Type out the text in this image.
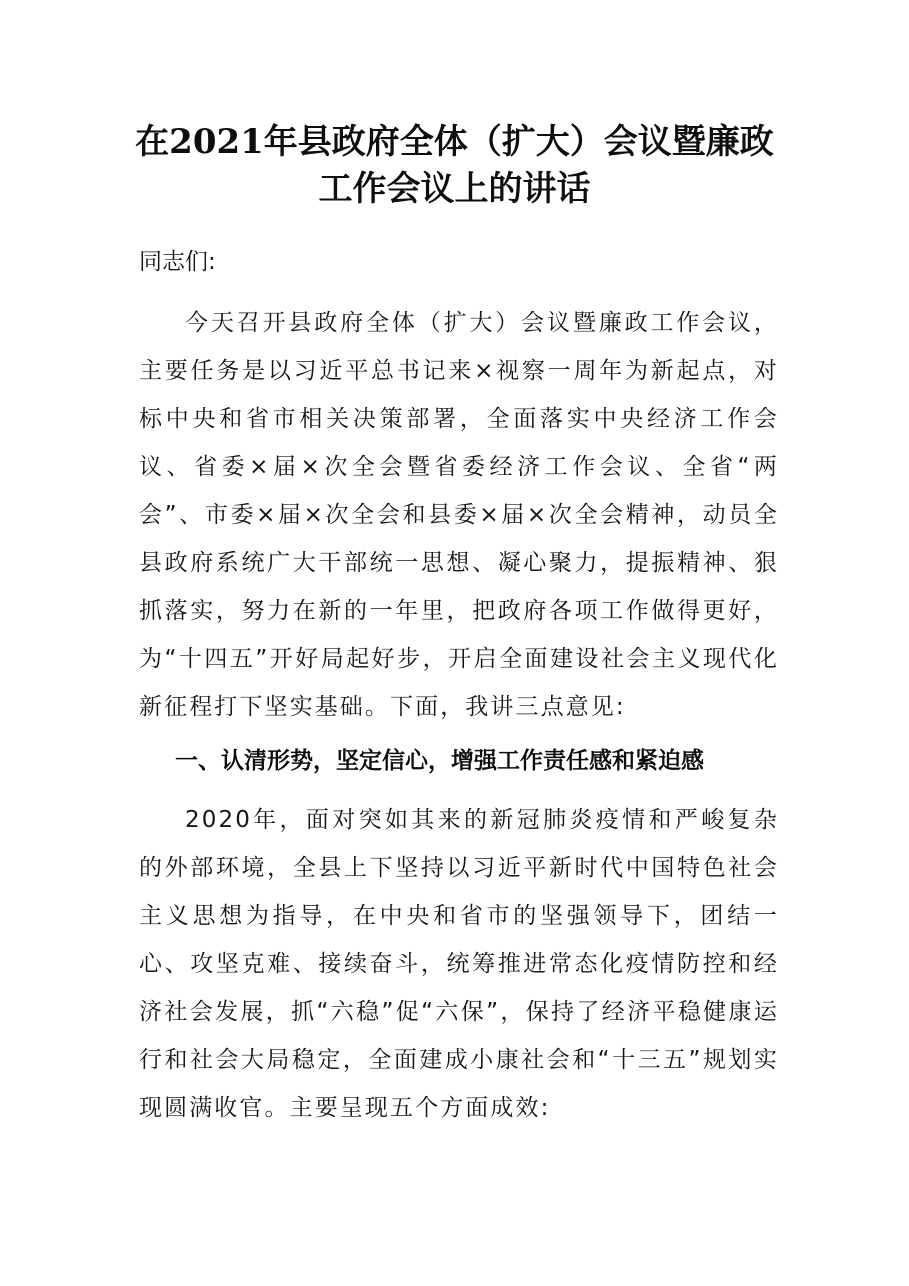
在2021年县政府全体（扩大）会议暨廉政
工作会议上的讲话
同志们:
今天召开县政府全体（扩大）会议暨廉政工作会议，主要任务是以习近平总书记来×视察一周年为新起点，对标中央和省市相关决策部署，全面落实中央经济工作会议、省委×届×次全会暨省委经济工作会议、全省“两会”、市委×届×次全会和县委×届×次全会精神，动员全县政府系统广大干部统一思想、凝心聚力，提振精神、狠抓落实，努力在新的一年里，把政府各项工作做得更好，为“十四五”开好局起好步，开启全面建设社会主义现代化新征程打下坚实基础。下面，我讲三点意见:
一、认清形势，坚定信心，增强工作责任感和紧迫感
2020年，面对突如其来的新冠肺炎疫情和严峻复杂的外部环境，全县上下坚持以习近平新时代中国特色社会主义思想为指导，在中央和省市的坚强领导下，团结一心、攻坚克难、接续奋斗，统筹推进常态化疫情防控和经济社会发展，抓“六稳”促“六保”，保持了经济平稳健康运行和社会大局稳定，全面建成小康社会和“十三五”规划实现圆满收官。主要呈现五个方面成效:
